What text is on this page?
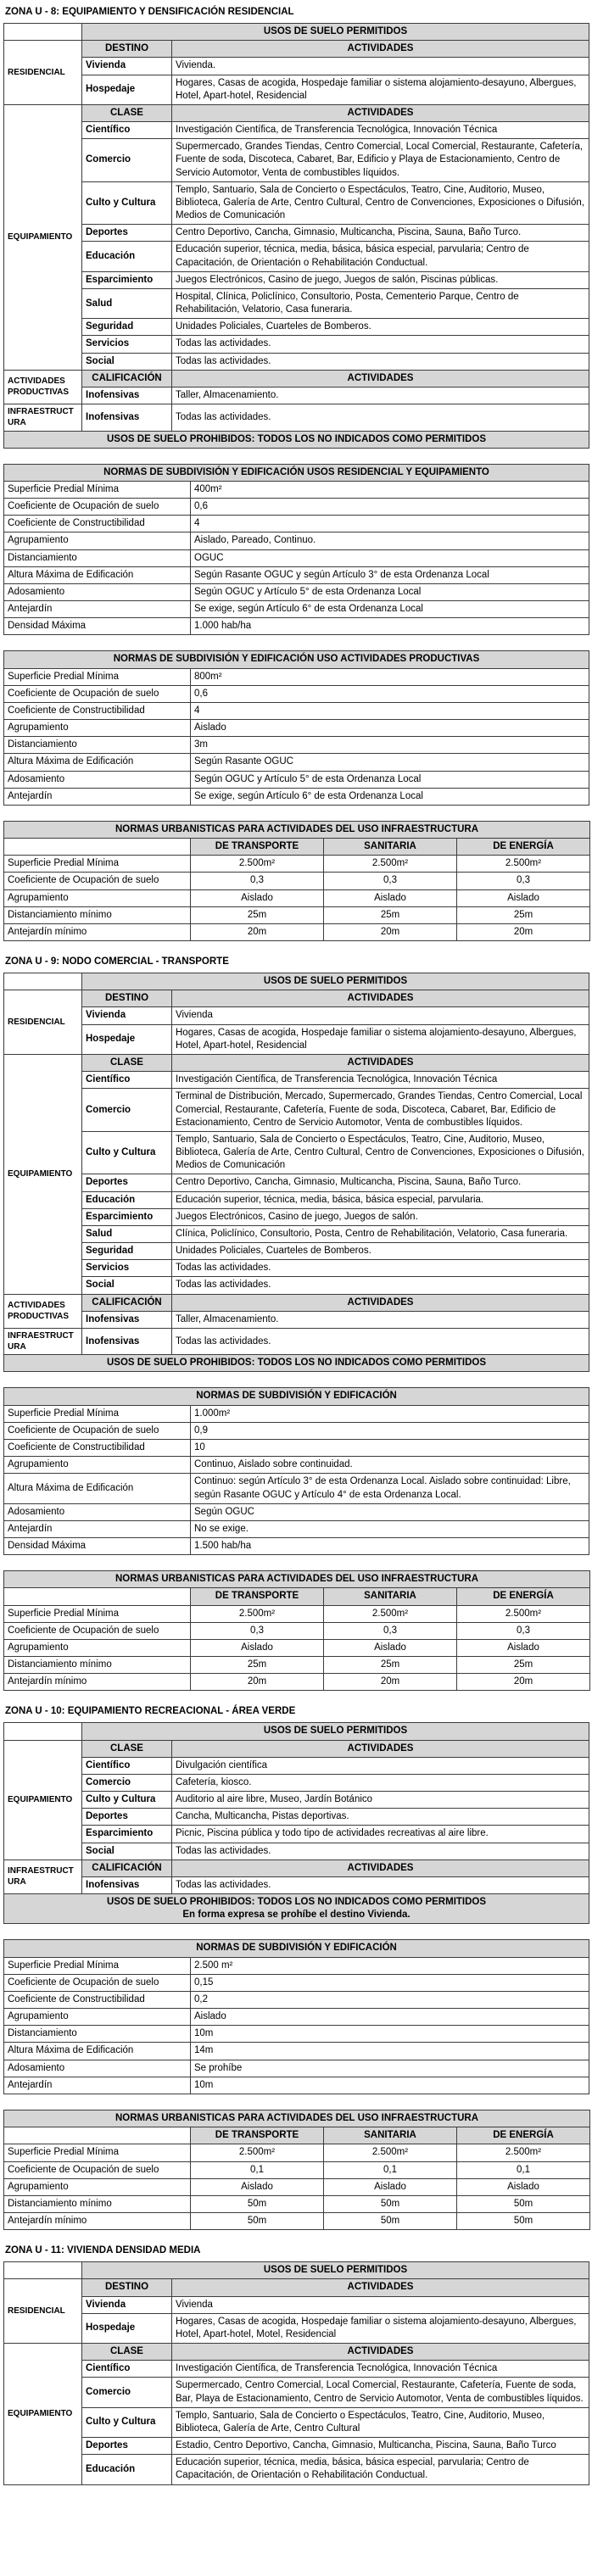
ZONA U - 8: EQUIPAMIENTO Y DENSIFICACIÓN RESIDENCIAL
	USOS DE SUELO PERMITIDOS	
RESIDENCIAL	DESTINO	ACTIVIDADES
	Vivienda	Vivienda.
	Hospedaje	Hogares, Casas de acogida, Hospedaje familiar o sistema alojamiento-desayuno, Albergues, Hotel, Apart-hotel, Residencial
EQUIPAMIENTO	CLASE	ACTIVIDADES
	Científico	Investigación Científica, de Transferencia Tecnológica, Innovación Técnica
	Comercio	Supermercado, Grandes Tiendas, Centro Comercial, Local Comercial, Restaurante, Cafetería, Fuente de soda, Discoteca, Cabaret, Bar, Edificio y Playa de Estacionamiento, Centro de Servicio Automotor, Venta de combustibles líquidos.
	Culto y Cultura	Templo, Santuario, Sala de Concierto o Espectáculos, Teatro, Cine, Auditorio, Museo, Biblioteca, Galería de Arte, Centro Cultural, Centro de Convenciones, Exposiciones o Difusión, Medios de Comunicación
	Deportes	Centro Deportivo, Cancha, Gimnasio, Multicancha, Piscina, Sauna, Baño Turco.
	Educación	Educación superior, técnica, media, básica, básica especial, parvularia; Centro de Capacitación, de Orientación o Rehabilitación Conductual.
	Esparcimiento	Juegos Electrónicos, Casino de juego, Juegos de salón, Piscinas públicas.
	Salud	Hospital, Clínica, Policlínico, Consultorio, Posta, Cementerio Parque, Centro de Rehabilitación, Velatorio, Casa funeraria.
	Seguridad	Unidades Policiales, Cuarteles de Bomberos.
	Servicios	Todas las actividades.
	Social	Todas las actividades.
ACTIVIDADES PRODUCTIVAS	CALIFICACIÓN	ACTIVIDADES
	Inofensivas	Taller, Almacenamiento.
INFRAESTRUCTURA	Inofensivas	Todas las actividades.

USOS DE SUELO PROHIBIDOS: TODOS LOS NO INDICADOS COMO PERMITIDOS		
NORMAS DE SUBDIVISIÓN Y EDIFICACIÓN USOS RESIDENCIAL Y EQUIPAMIENTO	
Superficie Predial Mínima	400m²
Coeficiente de Ocupación de suelo	0,6
Coeficiente de Constructibilidad	4
Agrupamiento	Aislado, Pareado, Continuo.
Distanciamiento	OGUC
Altura Máxima de Edificación	Según Rasante OGUC y según Artículo 3° de esta Ordenanza Local
Adosamiento	Según OGUC y Artículo 5° de esta Ordenanza Local
Antejardín	Se exige, según Artículo 6° de esta Ordenanza Local
Densidad Máxima	1.000 hab/ha
NORMAS DE SUBDIVISIÓN Y EDIFICACIÓN USO ACTIVIDADES PRODUCTIVAS	
Superficie Predial Mínima	800m²
Coeficiente de Ocupación de suelo	0,6
Coeficiente de Constructibilidad	4
Agrupamiento	Aislado
Distanciamiento	3m
Altura Máxima de Edificación	Según Rasante OGUC
Adosamiento	Según OGUC y Artículo 5° de esta Ordenanza Local
Antejardín	Se exige, según Artículo 6° de esta Ordenanza Local
NORMAS URBANISTICAS PARA ACTIVIDADES DEL USO INFRAESTRUCTURA			
	DE TRANSPORTE	SANITARIA	DE ENERGÍA
Superficie Predial Mínima	2.500m²	2.500m²	2.500m²
Coeficiente de Ocupación de suelo	0,3	0,3	0,3
Agrupamiento	Aislado	Aislado	Aislado
Distanciamiento mínimo	25m	25m	25m
Antejardín mínimo	20m	20m	20m
ZONA U - 9: NODO COMERCIAL - TRANSPORTE
	USOS DE SUELO PERMITIDOS	
RESIDENCIAL	DESTINO	ACTIVIDADES
	Vivienda	Vivienda
	Hospedaje	Hogares, Casas de acogida, Hospedaje familiar o sistema alojamiento-desayuno, Albergues, Hotel, Apart-hotel, Residencial
EQUIPAMIENTO	CLASE	ACTIVIDADES
	Científico	Investigación Científica, de Transferencia Tecnológica, Innovación Técnica
	Comercio	Terminal de Distribución, Mercado, Supermercado, Grandes Tiendas, Centro Comercial, Local Comercial, Restaurante, Cafetería, Fuente de soda, Discoteca, Cabaret, Bar, Edificio de Estacionamiento, Centro de Servicio Automotor, Venta de combustibles líquidos.
	Culto y Cultura	Templo, Santuario, Sala de Concierto o Espectáculos, Teatro, Cine, Auditorio, Museo, Biblioteca, Galería de Arte, Centro Cultural, Centro de Convenciones, Exposiciones o Difusión, Medios de Comunicación
	Deportes	Centro Deportivo, Cancha, Gimnasio, Multicancha, Piscina, Sauna, Baño Turco.
	Educación	Educación superior, técnica, media, básica, básica especial, parvularia.
	Esparcimiento	Juegos Electrónicos, Casino de juego, Juegos de salón.
	Salud	Clínica, Policlínico, Consultorio, Posta, Centro de Rehabilitación, Velatorio, Casa funeraria.
	Seguridad	Unidades Policiales, Cuarteles de Bomberos.
	Servicios	Todas las actividades.
	Social	Todas las actividades.
ACTIVIDADES PRODUCTIVAS	CALIFICACIÓN	ACTIVIDADES
	Inofensivas	Taller, Almacenamiento.
INFRAESTRUCTURA	Inofensivas	Todas las actividades.

USOS DE SUELO PROHIBIDOS: TODOS LOS NO INDICADOS COMO PERMITIDOS		
NORMAS DE SUBDIVISIÓN Y EDIFICACIÓN	
Superficie Predial Mínima	1.000m²
Coeficiente de Ocupación de suelo	0,9
Coeficiente de Constructibilidad	10
Agrupamiento	Continuo, Aislado sobre continuidad.
Altura Máxima de Edificación	Continuo: según Artículo 3° de esta Ordenanza Local. Aislado sobre continuidad: Libre, según Rasante OGUC y Artículo 4° de esta Ordenanza Local.
Adosamiento	Según OGUC
Antejardín	No se exige.
Densidad Máxima	1.500 hab/ha
NORMAS URBANISTICAS PARA ACTIVIDADES DEL USO INFRAESTRUCTURA			
	DE TRANSPORTE	SANITARIA	DE ENERGÍA
Superficie Predial Mínima	2.500m²	2.500m²	2.500m²
Coeficiente de Ocupación de suelo	0,3	0,3	0,3
Agrupamiento	Aislado	Aislado	Aislado
Distanciamiento mínimo	25m	25m	25m
Antejardín mínimo	20m	20m	20m
ZONA U - 10: EQUIPAMIENTO RECREACIONAL - ÁREA VERDE
	USOS DE SUELO PERMITIDOS	
EQUIPAMIENTO	CLASE	ACTIVIDADES
	Científico	Divulgación científica
	Comercio	Cafetería, kiosco.
	Culto y Cultura	Auditorio al aire libre, Museo, Jardín Botánico
	Deportes	Cancha, Multicancha, Pistas deportivas.
	Esparcimiento	Picnic, Piscina pública y todo tipo de actividades recreativas al aire libre.
	Social	Todas las actividades.
INFRAESTRUCTURA	CALIFICACIÓN	ACTIVIDADES
	Inofensivas	Todas las actividades.

USOS DE SUELO PROHIBIDOS: TODOS LOS NO INDICADOS COMO PERMITIDOS
En forma expresa se prohíbe el destino Vivienda.		
NORMAS DE SUBDIVISIÓN Y EDIFICACIÓN	
Superficie Predial Mínima	2.500 m²
Coeficiente de Ocupación de suelo	0,15
Coeficiente de Constructibilidad	0,2
Agrupamiento	Aislado
Distanciamiento	10m
Altura Máxima de Edificación	14m
Adosamiento	Se prohíbe
Antejardín	10m
NORMAS URBANISTICAS PARA ACTIVIDADES DEL USO INFRAESTRUCTURA			
	DE TRANSPORTE	SANITARIA	DE ENERGÍA
Superficie Predial Mínima	2.500m²	2.500m²	2.500m²
Coeficiente de Ocupación de suelo	0,1	0,1	0,1
Agrupamiento	Aislado	Aislado	Aislado
Distanciamiento mínimo	50m	50m	50m
Antejardín mínimo	50m	50m	50m
ZONA U - 11: VIVIENDA DENSIDAD MEDIA
	USOS DE SUELO PERMITIDOS	
RESIDENCIAL	DESTINO	ACTIVIDADES
	Vivienda	Vivienda
	Hospedaje	Hogares, Casas de acogida, Hospedaje familiar o sistema alojamiento-desayuno, Albergues, Hotel, Apart-hotel, Motel, Residencial
EQUIPAMIENTO	CLASE	ACTIVIDADES
	Científico	Investigación Científica, de Transferencia Tecnológica, Innovación Técnica
	Comercio	Supermercado, Centro Comercial, Local Comercial, Restaurante, Cafetería, Fuente de soda, Bar, Playa de Estacionamiento, Centro de Servicio Automotor, Venta de combustibles líquidos.
	Culto y Cultura	Templo, Santuario, Sala de Concierto o Espectáculos, Teatro, Cine, Auditorio, Museo, Biblioteca, Galería de Arte, Centro Cultural
	Deportes	Estadio, Centro Deportivo, Cancha, Gimnasio, Multicancha, Piscina, Sauna, Baño Turco
	Educación	Educación superior, técnica, media, básica, básica especial, parvularia; Centro de Capacitación, de Orientación o Rehabilitación Conductual.
